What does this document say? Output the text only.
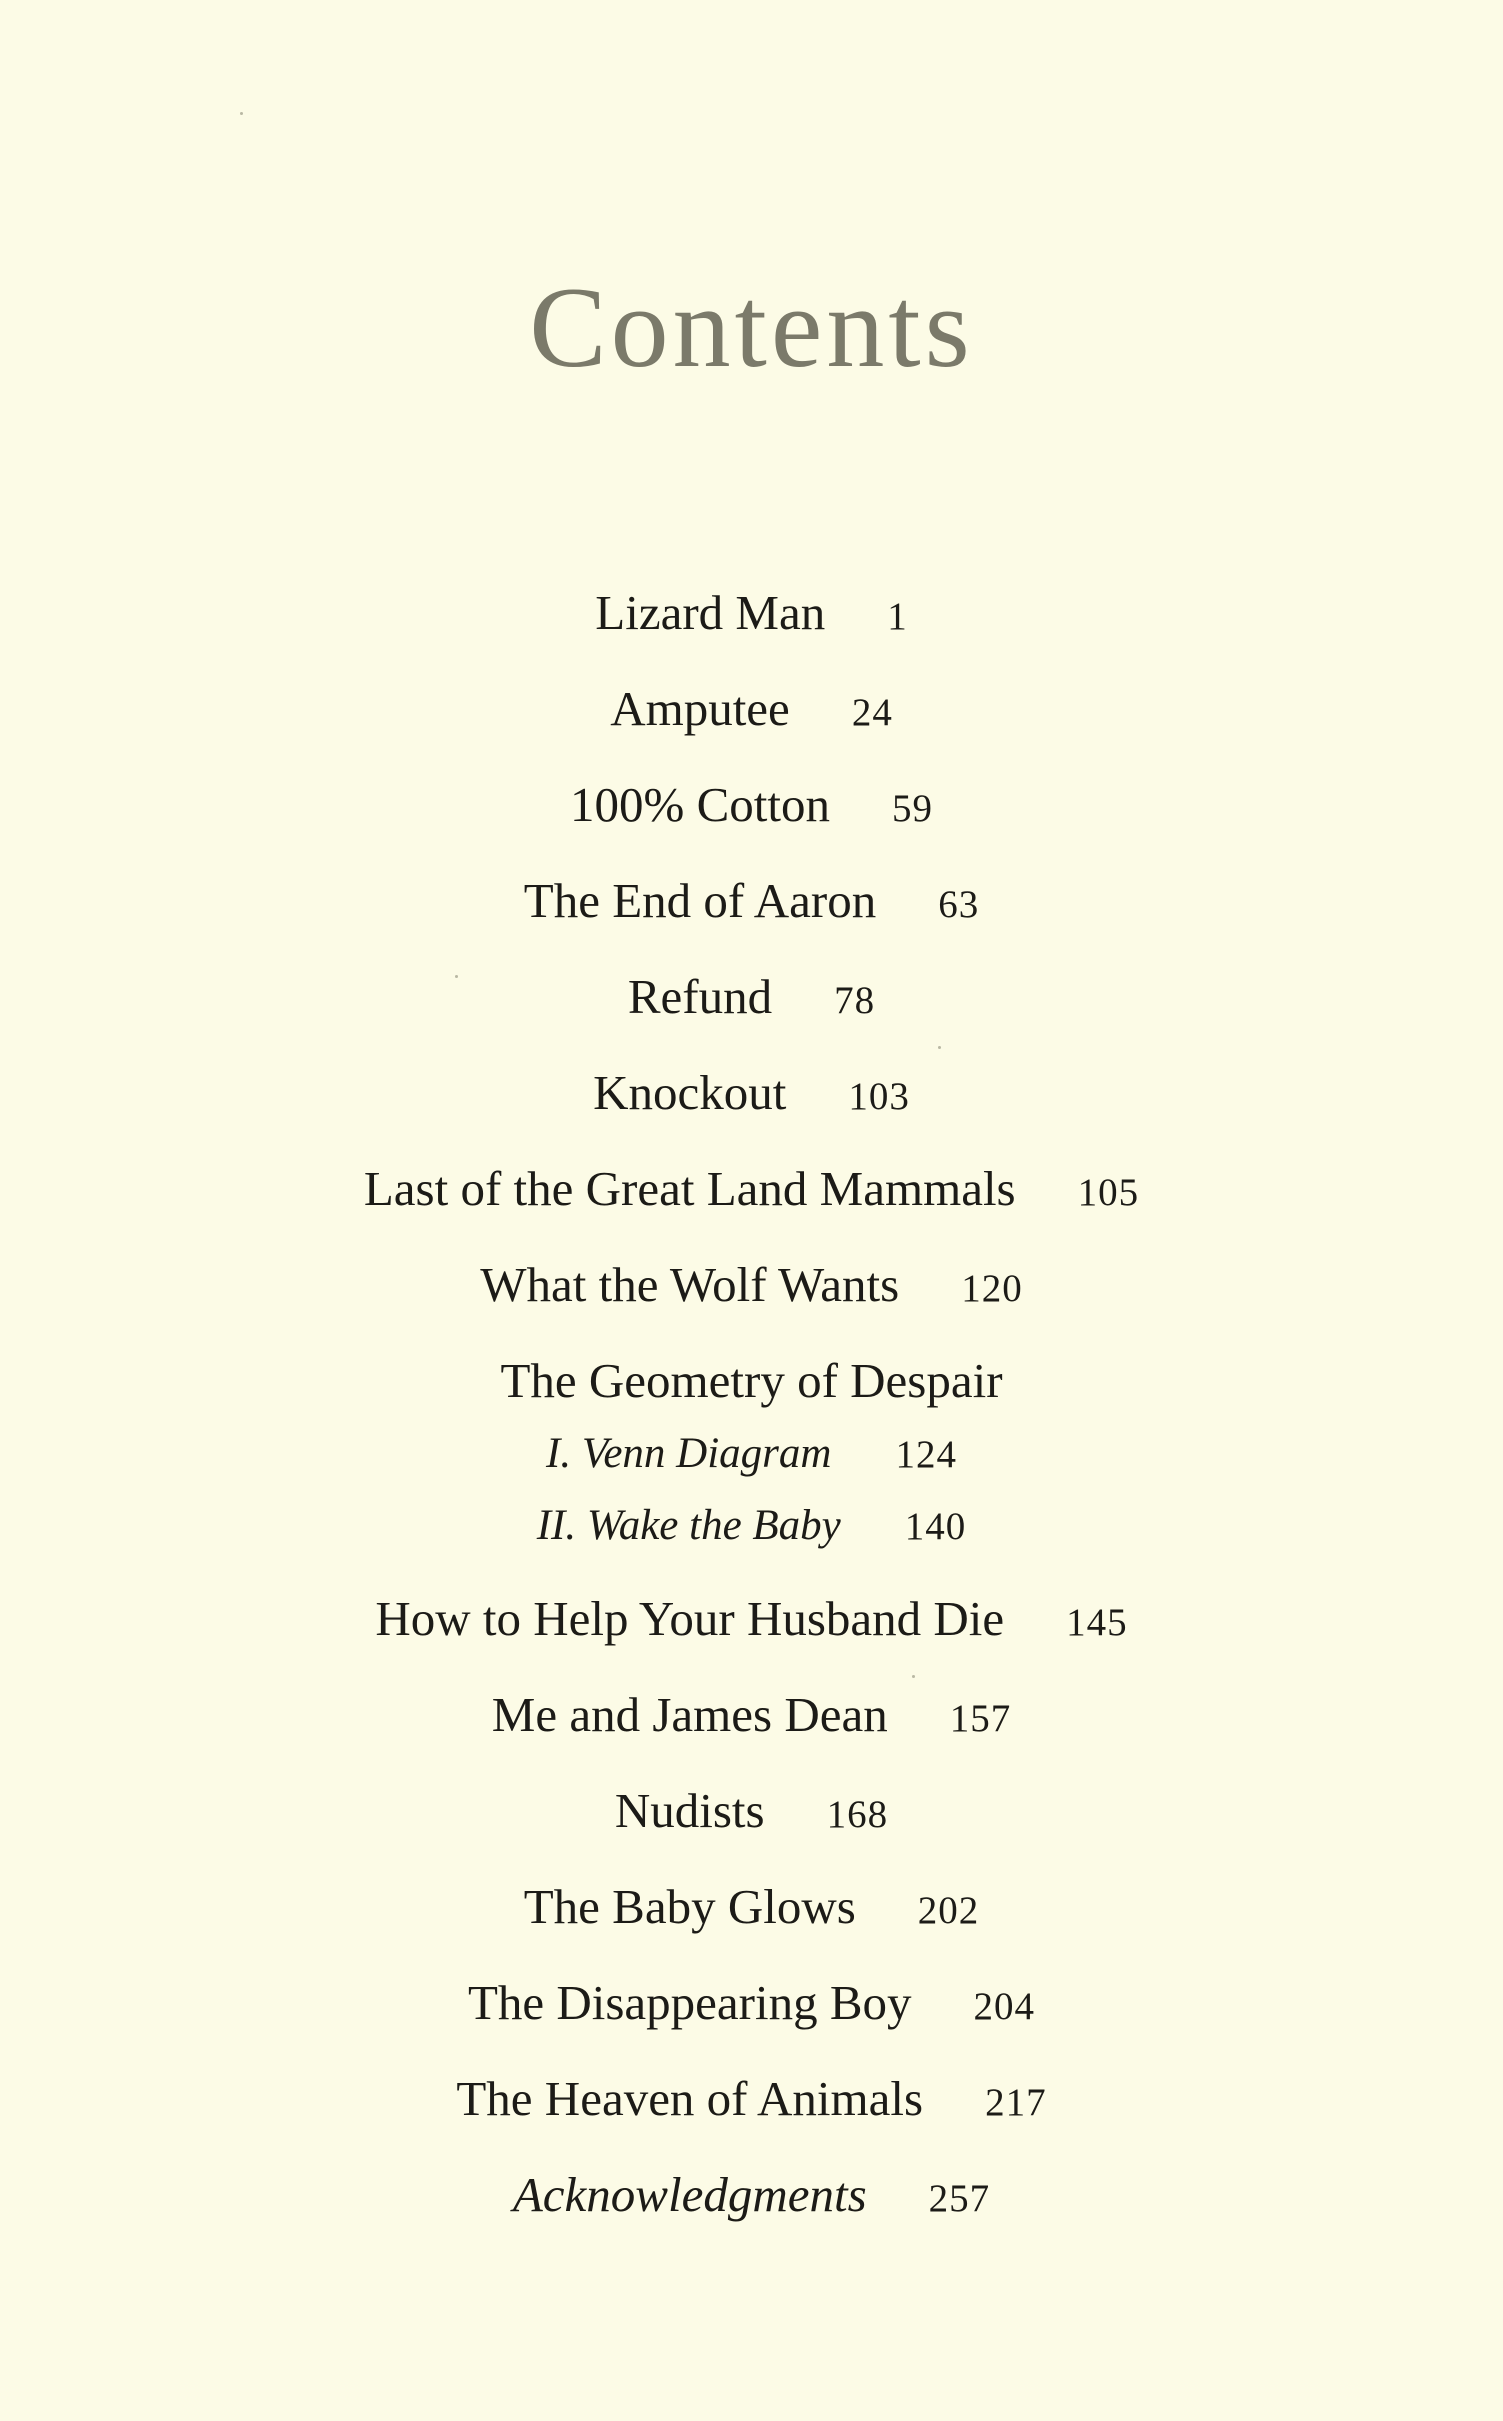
Contents
Lizard Man 1
Amputee 24
100% Cotton 59
The End of Aaron 63
Refund 78
Knockout 103
Last of the Great Land Mammals 105
What the Wolf Wants 120
The Geometry of Despair
I. Venn Diagram 124
II. Wake the Baby 140
How to Help Your Husband Die 145
Me and James Dean 157
Nudists 168
The Baby Glows 202
The Disappearing Boy 204
The Heaven of Animals 217
Acknowledgments 257
